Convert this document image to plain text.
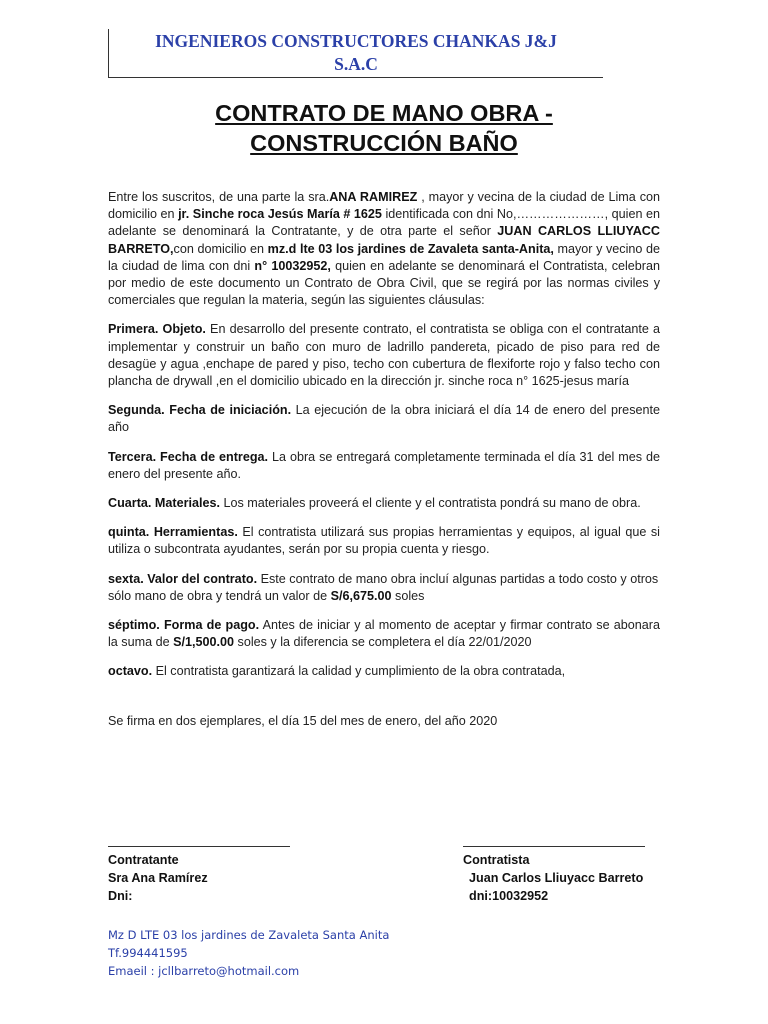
INGENIEROS CONSTRUCTORES CHANKAS J&J
S.A.C
CONTRATO DE MANO OBRA -
CONSTRUCCIÓN BAÑO

Entre los suscritos, de una parte la sra.ANA RAMIREZ , mayor y vecina de la ciudad de Lima con domicilio en jr. Sinche roca Jesús María # 1625 identificada con dni No,…………………, quien en adelante se denominará la Contratante, y de otra parte el señor JUAN CARLOS LLIUYACC BARRETO,con domicilio en mz.d lte 03 los jardines de Zavaleta santa-Anita, mayor y vecino de la ciudad de lima con dni n° 10032952, quien en adelante se denominará el Contratista, celebran por medio de este documento un Contrato de Obra Civil, que se regirá por las normas civiles y comerciales que regulan la materia, según las siguientes cláusulas:

Primera. Objeto. En desarrollo del presente contrato, el contratista se obliga con el contratante a implementar y construir un baño con muro de ladrillo pandereta, picado de piso para red de desagüe y agua ,enchape de pared y piso, techo con cubertura de flexiforte rojo y falso techo con plancha de drywall ,en el domicilio ubicado en la dirección jr. sinche roca n° 1625-jesus maría

Segunda. Fecha de iniciación. La ejecución de la obra iniciará el día 14 de enero del presente año

Tercera. Fecha de entrega. La obra se entregará completamente terminada el día 31 del mes de enero del presente año.

Cuarta. Materiales. Los materiales proveerá el cliente y el contratista pondrá su mano de obra.

quinta. Herramientas. El contratista utilizará sus propias herramientas y equipos, al igual que si utiliza o subcontrata ayudantes, serán por su propia cuenta y riesgo.

sexta. Valor del contrato. Este contrato de mano obra incluí algunas partidas a todo costo y otros sólo mano de obra y tendrá un valor de S/6,675.00 soles

séptimo. Forma de pago. Antes de iniciar y al momento de aceptar y firmar contrato se abonara la suma de S/1,500.00 soles y la diferencia se completera el día 22/01/2020

octavo. El contratista garantizará la calidad y cumplimiento de la obra contratada,

Se firma en dos ejemplares, el día 15 del mes de enero, del año 2020

Contratante
Sra Ana Ramírez
Dni:
Contratista
Juan Carlos Lliuyacc Barreto
dni:10032952
Mz D LTE 03 los jardines de Zavaleta Santa Anita
Tf.994441595
Emaeil : jcllbarreto@hotmail.com
